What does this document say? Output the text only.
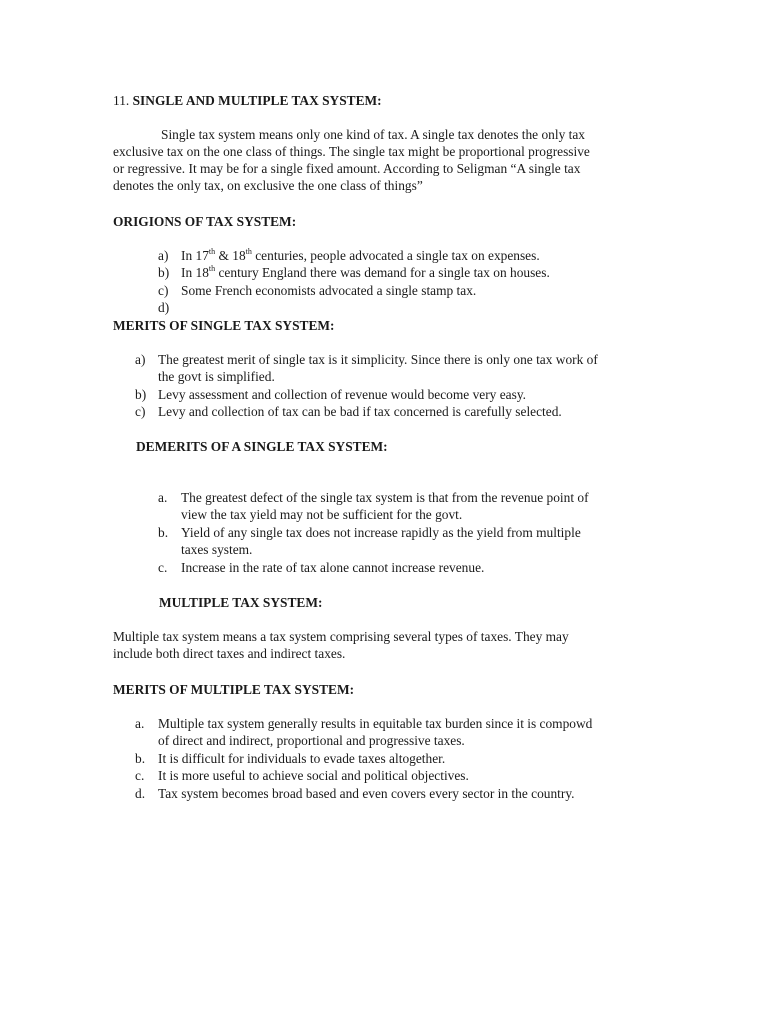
11. SINGLE AND MULTIPLE TAX SYSTEM:

Single tax system means only one kind of tax. A single tax denotes the only tax
exclusive tax on the one class of things. The single tax might be proportional progressive
or regressive. It may be for a single fixed amount. According to Seligman “A single tax
denotes the only tax, on exclusive the one class of things”

ORIGIONS OF TAX SYSTEM:

a) In 17th & 18th centuries, people advocated a single tax on expenses.
b) In 18th century England there was demand for a single tax on houses.
c) Some French economists advocated a single stamp tax.
d)

MERITS OF SINGLE TAX SYSTEM:

a) The greatest merit of single tax is it simplicity. Since there is only one tax work of
the govt is simplified.
b) Levy assessment and collection of revenue would become very easy.
c) Levy and collection of tax can be bad if tax concerned is carefully selected.

DEMERITS OF A SINGLE TAX SYSTEM:

a. The greatest defect of the single tax system is that from the revenue point of
view the tax yield may not be sufficient for the govt.
b. Yield of any single tax does not increase rapidly as the yield from multiple
taxes system.
c. Increase in the rate of tax alone cannot increase revenue.

MULTIPLE TAX SYSTEM:

Multiple tax system means a tax system comprising several types of taxes. They may
include both direct taxes and indirect taxes.

MERITS OF MULTIPLE TAX SYSTEM:

a. Multiple tax system generally results in equitable tax burden since it is compowd
of direct and indirect, proportional and progressive taxes.
b. It is difficult for individuals to evade taxes altogether.
c. It is more useful to achieve social and political objectives.
d. Tax system becomes broad based and even covers every sector in the country.
